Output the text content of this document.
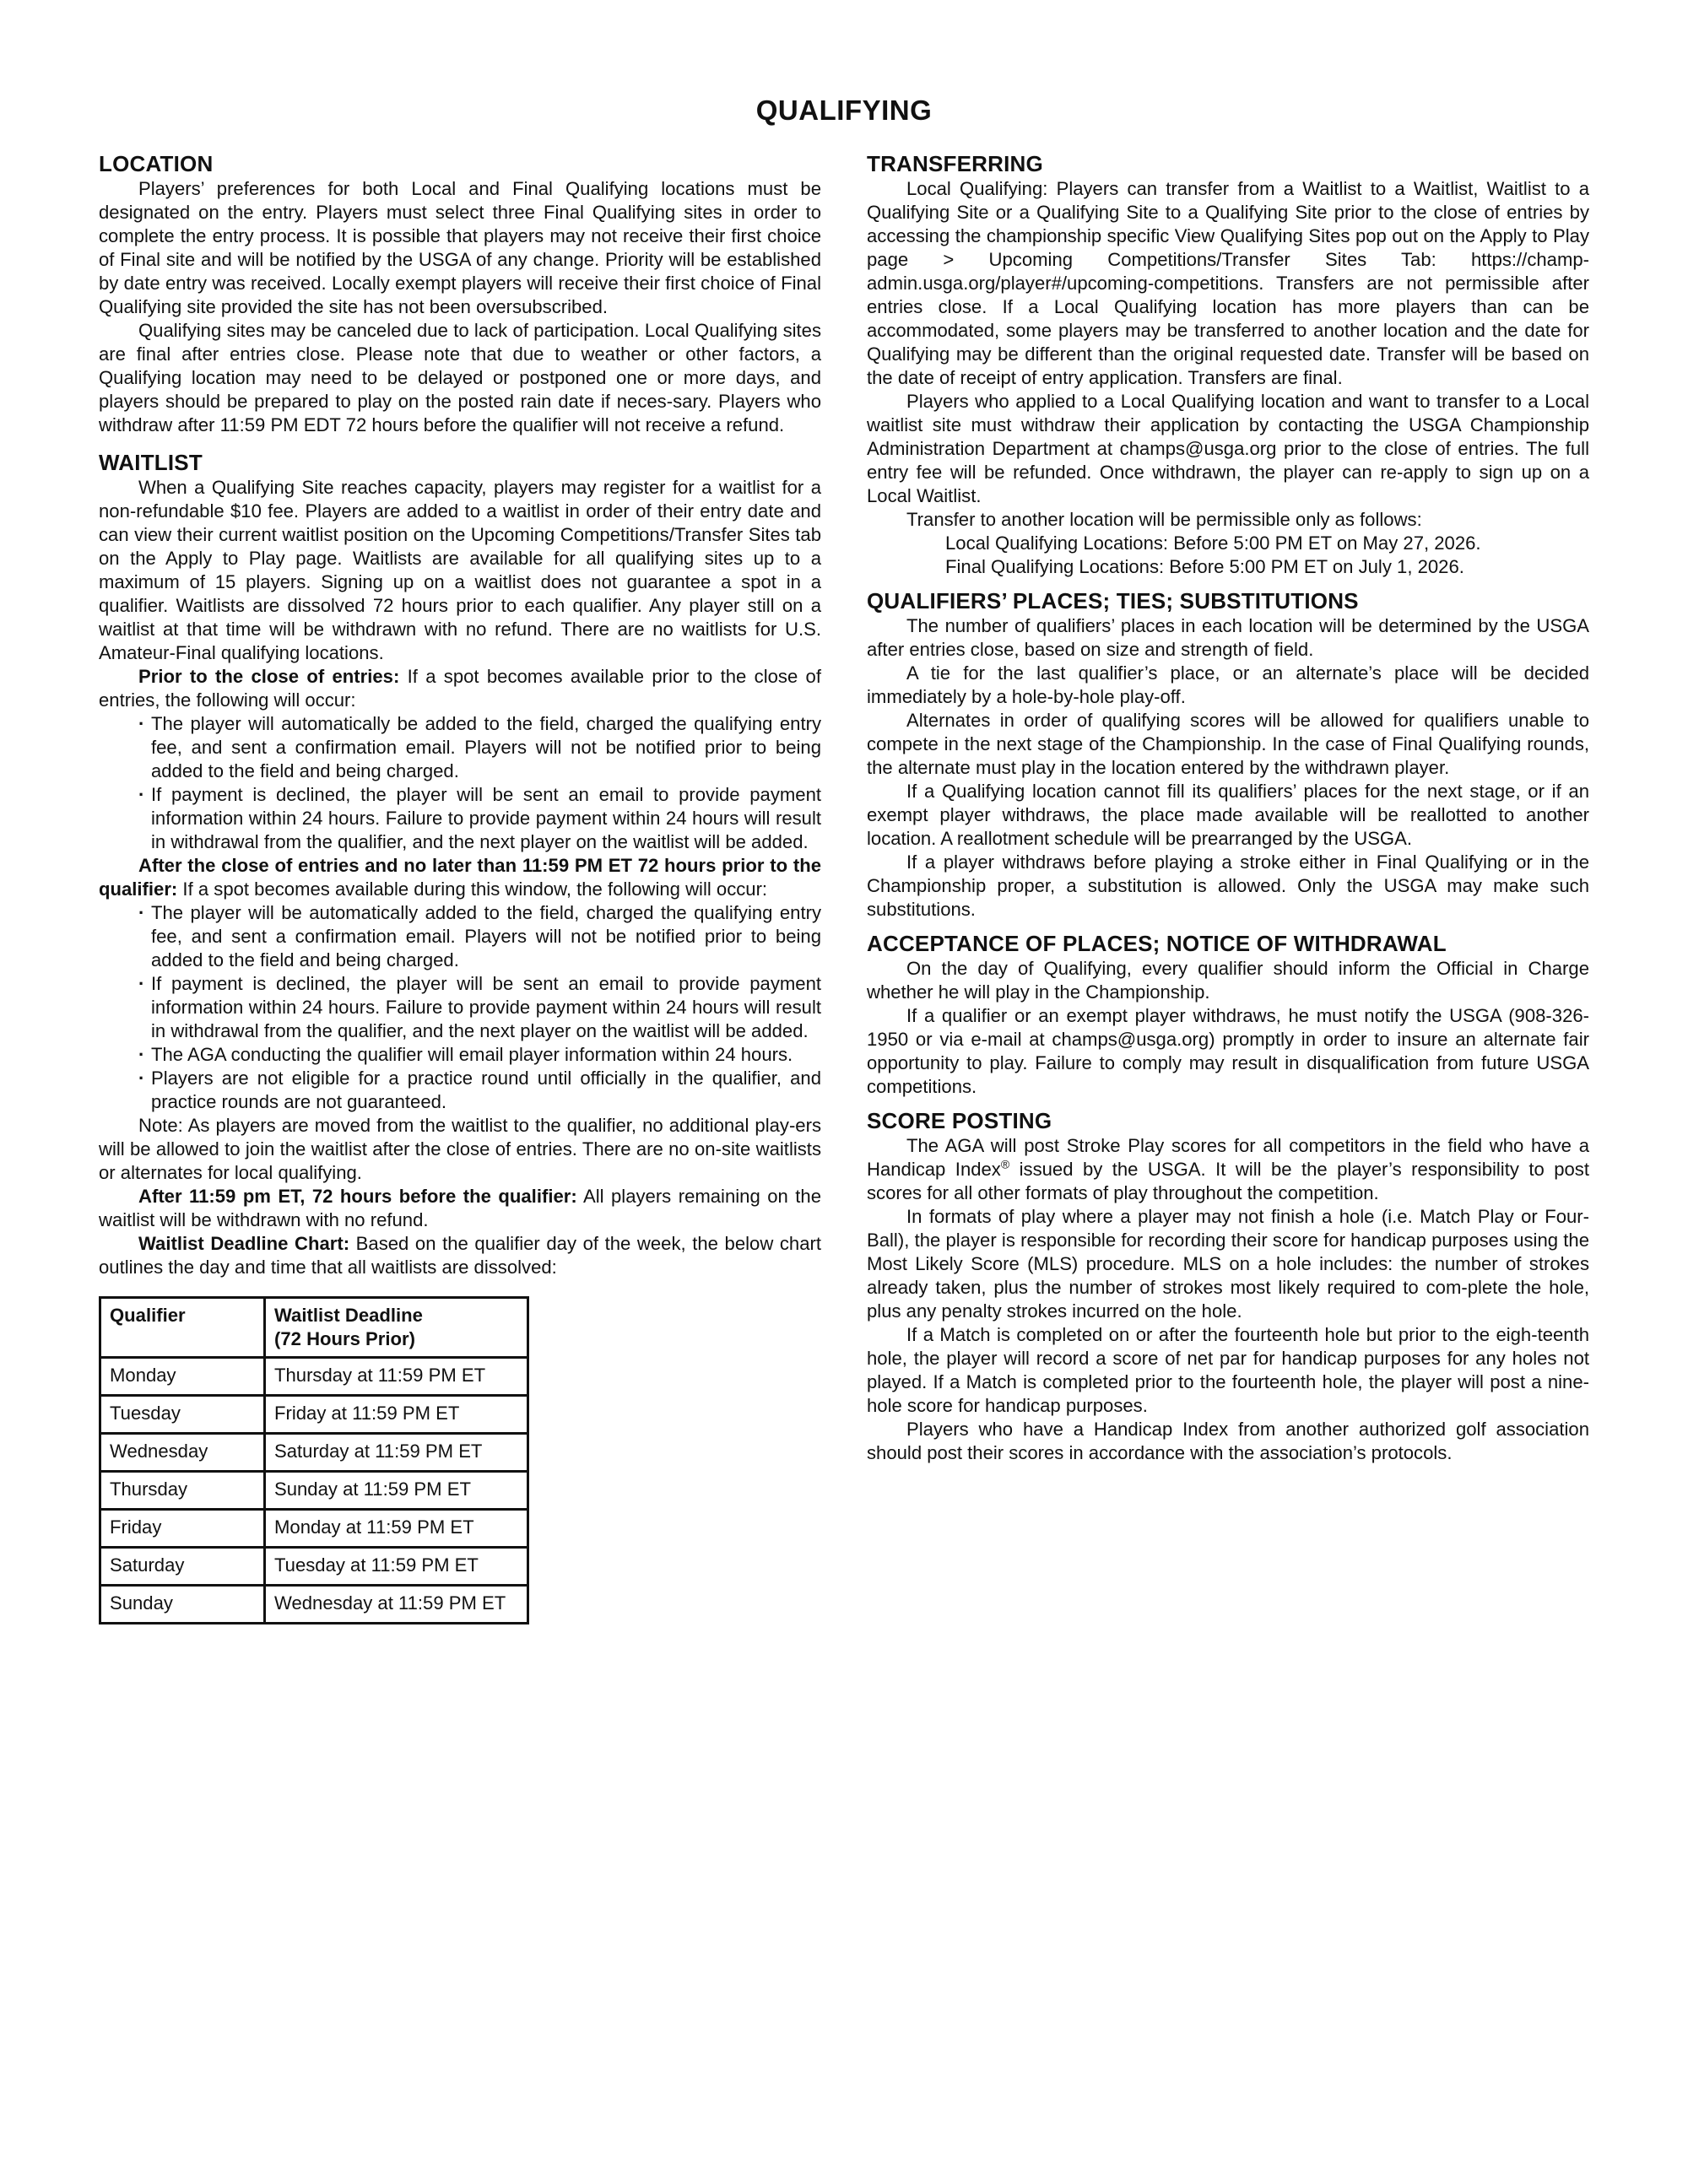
QUALIFYING
LOCATION

Players’ preferences for both Local and Final Qualifying locations must be designated on the entry. Players must select three Final Qualifying sites in order to complete the entry process. It is possible that players may not receive their first choice of Final site and will be notified by the USGA of any change. Priority will be established by date entry was received. Locally exempt players will receive their first choice of Final Qualifying site provided the site has not been oversubscribed.

Qualifying sites may be canceled due to lack of participation. Local Qualifying sites are final after entries close. Please note that due to weather or other factors, a Qualifying location may need to be delayed or postponed one or more days, and players should be prepared to play on the posted rain date if neces-sary. Players who withdraw after 11:59 PM EDT 72 hours before the qualifier will not receive a refund.

WAITLIST

When a Qualifying Site reaches capacity, players may register for a waitlist for a non-refundable $10 fee. Players are added to a waitlist in order of their entry date and can view their current waitlist position on the Upcoming Competitions/Transfer Sites tab on the Apply to Play page. Waitlists are available for all qualifying sites up to a maximum of 15 players. Signing up on a waitlist does not guarantee a spot in a qualifier. Waitlists are dissolved 72 hours prior to each qualifier. Any player still on a waitlist at that time will be withdrawn with no refund. There are no waitlists for U.S. Amateur-Final qualifying locations.

Prior to the close of entries: If a spot becomes available prior to the close of entries, the following will occur:

· The player will automatically be added to the field, charged the qualifying entry fee, and sent a confirmation email. Players will not be notified prior to being added to the field and being charged.
· If payment is declined, the player will be sent an email to provide payment information within 24 hours. Failure to provide payment within 24 hours will result in withdrawal from the qualifier, and the next player on the waitlist will be added.

After the close of entries and no later than 11:59 PM ET 72 hours prior to the qualifier: If a spot becomes available during this window, the following will occur:

· The player will be automatically added to the field, charged the qualifying entry fee, and sent a confirmation email. Players will not be notified prior to being added to the field and being charged.
· If payment is declined, the player will be sent an email to provide payment information within 24 hours. Failure to provide payment within 24 hours will result in withdrawal from the qualifier, and the next player on the waitlist will be added.
· The AGA conducting the qualifier will email player information within 24 hours.
· Players are not eligible for a practice round until officially in the qualifier, and practice rounds are not guaranteed.

Note: As players are moved from the waitlist to the qualifier, no additional play-ers will be allowed to join the waitlist after the close of entries. There are no on-site waitlists or alternates for local qualifying.

After 11:59 pm ET, 72 hours before the qualifier: All players remaining on the waitlist will be withdrawn with no refund.

Waitlist Deadline Chart: Based on the qualifier day of the week, the below chart outlines the day and time that all waitlists are dissolved:

Qualifier	Waitlist Deadline
(72 Hours Prior)
Monday	Thursday at 11:59 PM ET
Tuesday	Friday at 11:59 PM ET
Wednesday	Saturday at 11:59 PM ET
Thursday	Sunday at 11:59 PM ET
Friday	Monday at 11:59 PM ET
Saturday	Tuesday at 11:59 PM ET
Sunday	Wednesday at 11:59 PM ET
TRANSFERRING

Local Qualifying: Players can transfer from a Waitlist to a Waitlist, Waitlist to a Qualifying Site or a Qualifying Site to a Qualifying Site prior to the close of entries by accessing the championship specific View Qualifying Sites pop out on the Apply to Play page > Upcoming Competitions/Transfer Sites Tab: https://champ-admin.usga.org/player#/upcoming-competitions. Transfers are not permissible after entries close. If a Local Qualifying location has more players than can be accommodated, some players may be transferred to another location and the date for Qualifying may be different than the original requested date. Transfer will be based on the date of receipt of entry application. Transfers are final.

Players who applied to a Local Qualifying location and want to transfer to a Local waitlist site must withdraw their application by contacting the USGA Championship Administration Department at champs@usga.org prior to the close of entries. The full entry fee will be refunded. Once withdrawn, the player can re-apply to sign up on a Local Waitlist.

Transfer to another location will be permissible only as follows:

Local Qualifying Locations: Before 5:00 PM ET on May 27, 2026.

Final Qualifying Locations: Before 5:00 PM ET on July 1, 2026.

QUALIFIERS’ PLACES; TIES; SUBSTITUTIONS

The number of qualifiers’ places in each location will be determined by the USGA after entries close, based on size and strength of field.

A tie for the last qualifier’s place, or an alternate’s place will be decided immediately by a hole-by-hole play-off.

Alternates in order of qualifying scores will be allowed for qualifiers unable to compete in the next stage of the Championship. In the case of Final Qualifying rounds, the alternate must play in the location entered by the withdrawn player.

If a Qualifying location cannot fill its qualifiers’ places for the next stage, or if an exempt player withdraws, the place made available will be reallotted to another location. A reallotment schedule will be prearranged by the USGA.

If a player withdraws before playing a stroke either in Final Qualifying or in the Championship proper, a substitution is allowed. Only the USGA may make such substitutions.

ACCEPTANCE OF PLACES; NOTICE OF WITHDRAWAL

On the day of Qualifying, every qualifier should inform the Official in Charge whether he will play in the Championship.

If a qualifier or an exempt player withdraws, he must notify the USGA (908-326-1950 or via e-mail at champs@usga.org) promptly in order to insure an alternate fair opportunity to play. Failure to comply may result in disqualification from future USGA competitions.

SCORE POSTING

The AGA will post Stroke Play scores for all competitors in the field who have a Handicap Index® issued by the USGA. It will be the player’s responsibility to post scores for all other formats of play throughout the competition.

In formats of play where a player may not finish a hole (i.e. Match Play or Four-Ball), the player is responsible for recording their score for handicap purposes using the Most Likely Score (MLS) procedure. MLS on a hole includes: the number of strokes already taken, plus the number of strokes most likely required to com-plete the hole, plus any penalty strokes incurred on the hole.

If a Match is completed on or after the fourteenth hole but prior to the eigh-teenth hole, the player will record a score of net par for handicap purposes for any holes not played. If a Match is completed prior to the fourteenth hole, the player will post a nine-hole score for handicap purposes.

Players who have a Handicap Index from another authorized golf association should post their scores in accordance with the association’s protocols.
